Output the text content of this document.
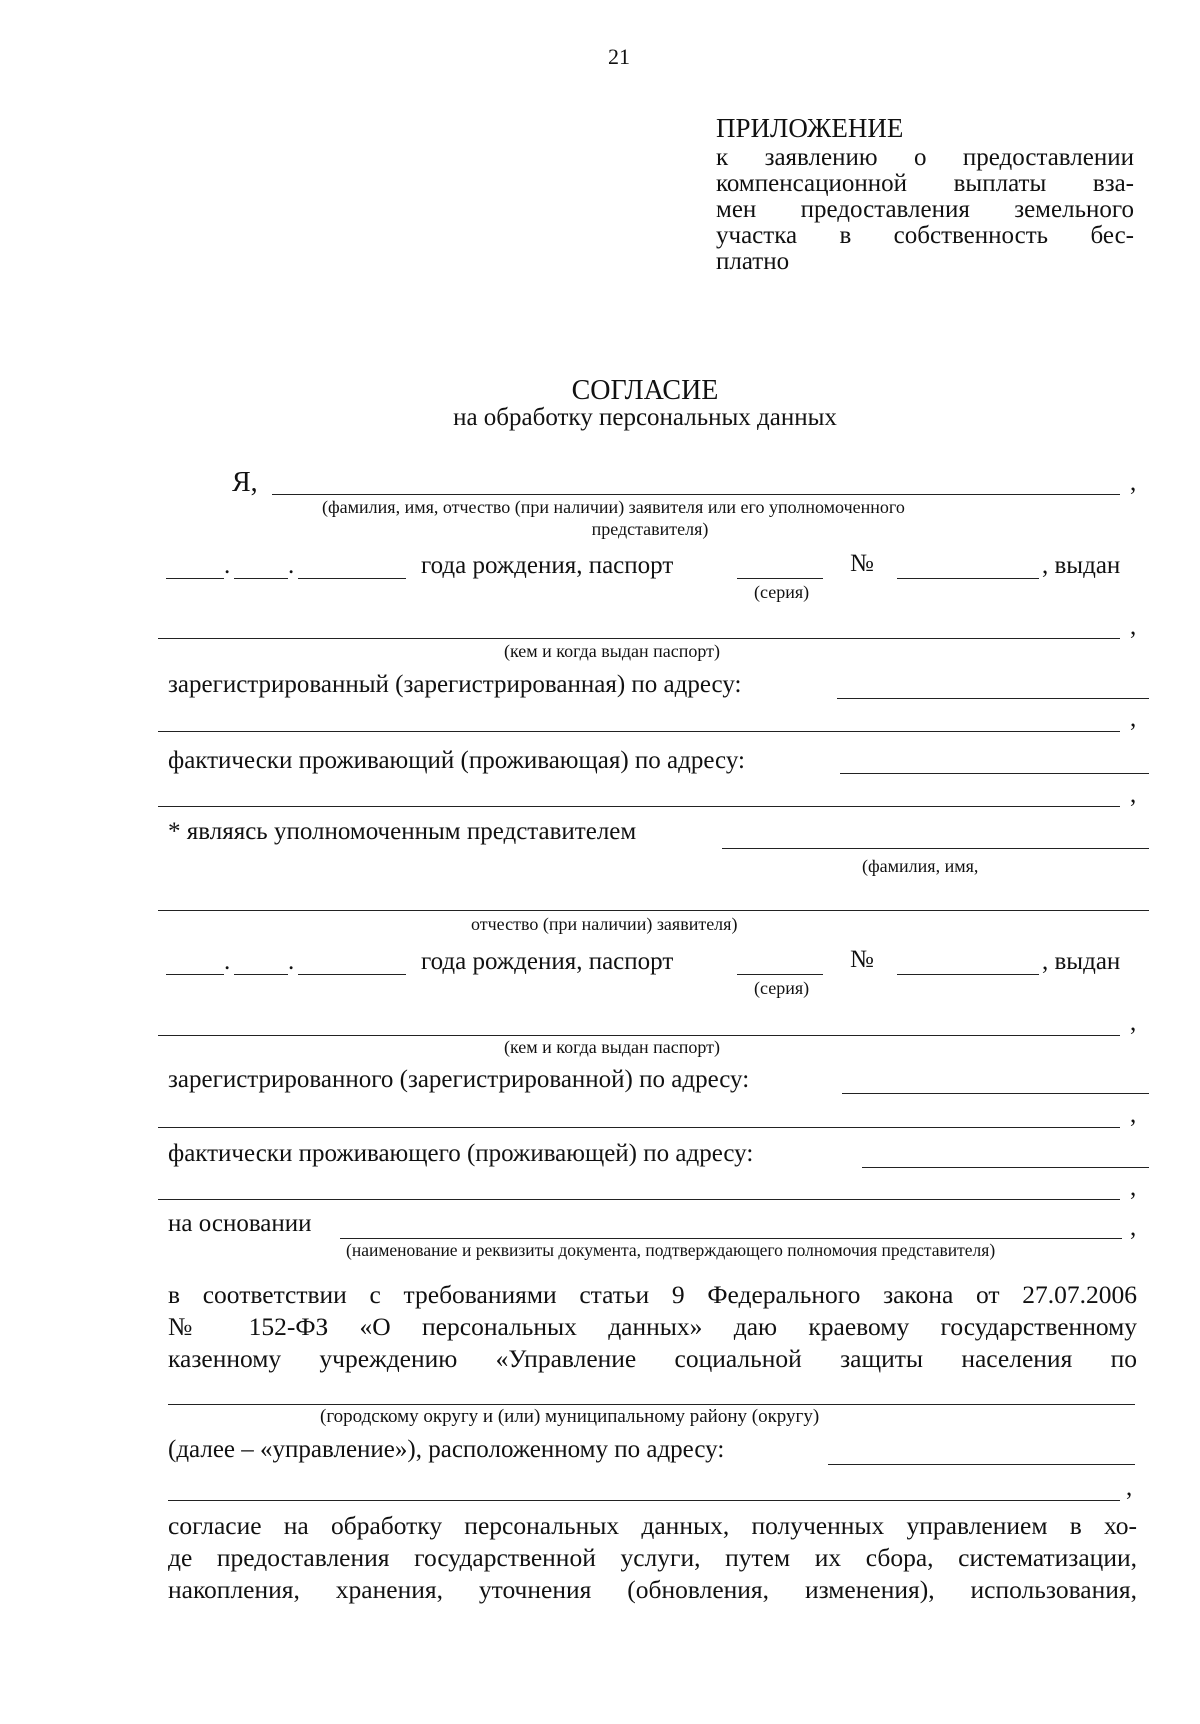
21
ПРИЛОЖЕНИЕ
к заявлению о предоставлении
компенсационной выплаты вза-
мен предоставления земельного
участка в собственность бес-
платно
СОГЛАСИЕ
на обработку персональных данных
Я,	,
(фамилия, имя, отчество (при наличии) заявителя или его уполномоченного
представителя)
. .	года рождения, паспорт	№	, выдан
(серия)
,
(кем и когда выдан паспорт)
зарегистрированный (зарегистрированная) по адресу:
,
фактически проживающий (проживающая) по адресу:
,
* являясь уполномоченным представителем
(фамилия, имя,
отчество (при наличии) заявителя)
. .	года рождения, паспорт	№	, выдан
(серия)
,
(кем и когда выдан паспорт)
зарегистрированного (зарегистрированной) по адресу:
,
фактически проживающего (проживающей) по адресу:
,
на основании	,
(наименование и реквизиты документа, подтверждающего полномочия представителя)
в соответствии с требованиями статьи 9 Федерального закона от 27.07.2006
№ 152-ФЗ «О персональных данных» даю краевому государственному
казенному учреждению «Управление социальной защиты населения по
(городскому округу и (или) муниципальному району (округу)
(далее – «управление»), расположенному по адресу:
,
согласие на обработку персональных данных, полученных управлением в хо-
де предоставления государственной услуги, путем их сбора, систематизации,
накопления, хранения, уточнения (обновления, изменения), использования,
